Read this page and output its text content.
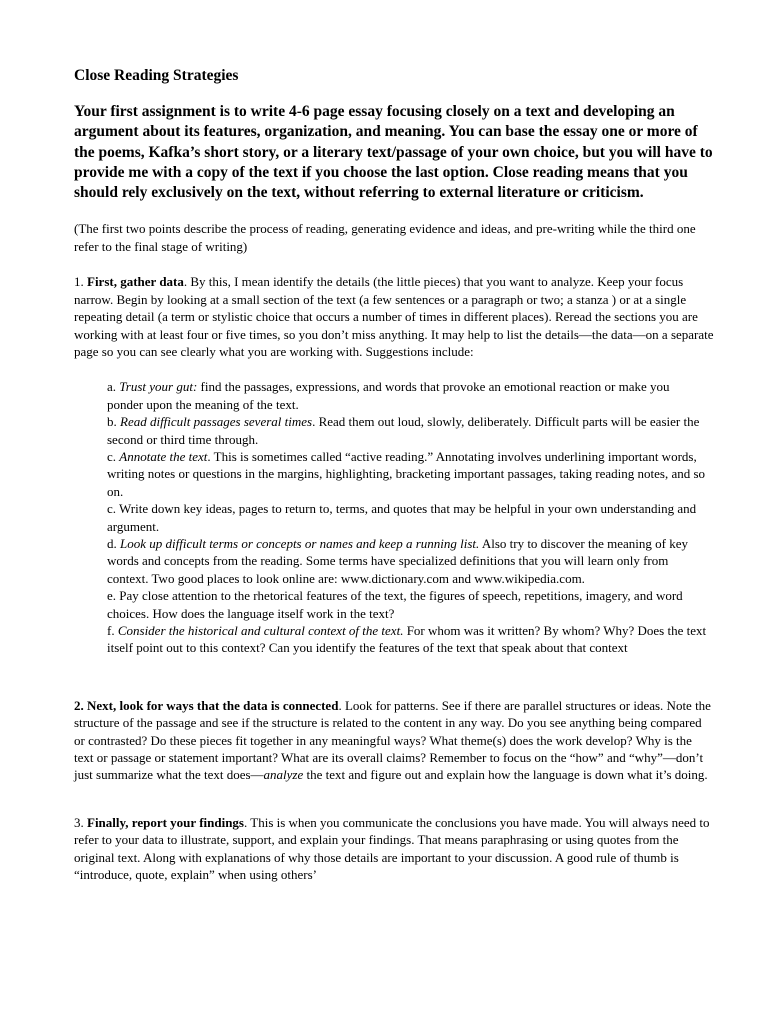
Close Reading Strategies
Your first assignment is to write 4-6 page essay focusing closely on a text and developing an argument about its features, organization, and meaning. You can base the essay one or more of the poems, Kafka’s short story, or a literary text/passage of your own choice, but you will have to provide me with a copy of the text if you choose the last option. Close reading means that you should rely exclusively on the text, without referring to external literature or criticism.

(The first two points describe the process of reading, generating evidence and ideas, and pre-writing while the third one refer to the final stage of writing)

1. First, gather data. By this, I mean identify the details (the little pieces) that you want to analyze. Keep your focus narrow. Begin by looking at a small section of the text (a few sentences or a paragraph or two; a stanza ) or at a single repeating detail (a term or stylistic choice that occurs a number of times in different places). Reread the sections you are working with at least four or five times, so you don’t miss anything. It may help to list the details—the data—on a separate page so you can see clearly what you are working with. Suggestions include:

a. Trust your gut: find the passages, expressions, and words that provoke an emotional reaction or make you ponder upon the meaning of the text.

b. Read difficult passages several times. Read them out loud, slowly, deliberately. Difficult parts will be easier the second or third time through.

c. Annotate the text. This is sometimes called “active reading.” Annotating involves underlining important words, writing notes or questions in the margins, highlighting, bracketing important passages, taking reading notes, and so on.

c. Write down key ideas, pages to return to, terms, and quotes that may be helpful in your own understanding and argument.

d. Look up difficult terms or concepts or names and keep a running list. Also try to discover the meaning of key words and concepts from the reading. Some terms have specialized definitions that you will learn only from context. Two good places to look online are: www.dictionary.com and www.wikipedia.com.

e. Pay close attention to the rhetorical features of the text, the figures of speech, repetitions, imagery, and word choices. How does the language itself work in the text?

f. Consider the historical and cultural context of the text. For whom was it written? By whom? Why? Does the text itself point out to this context? Can you identify the features of the text that speak about that context

2. Next, look for ways that the data is connected. Look for patterns. See if there are parallel structures or ideas. Note the structure of the passage and see if the structure is related to the content in any way. Do you see anything being compared or contrasted? Do these pieces fit together in any meaningful ways? What theme(s) does the work develop? Why is the text or passage or statement important? What are its overall claims? Remember to focus on the “how” and “why”—don’t just summarize what the text does—analyze the text and figure out and explain how the language is down what it’s doing.

3. Finally, report your findings. This is when you communicate the conclusions you have made. You will always need to refer to your data to illustrate, support, and explain your findings. That means paraphrasing or using quotes from the original text. Along with explanations of why those details are important to your discussion. A good rule of thumb is “introduce, quote, explain” when using others’
